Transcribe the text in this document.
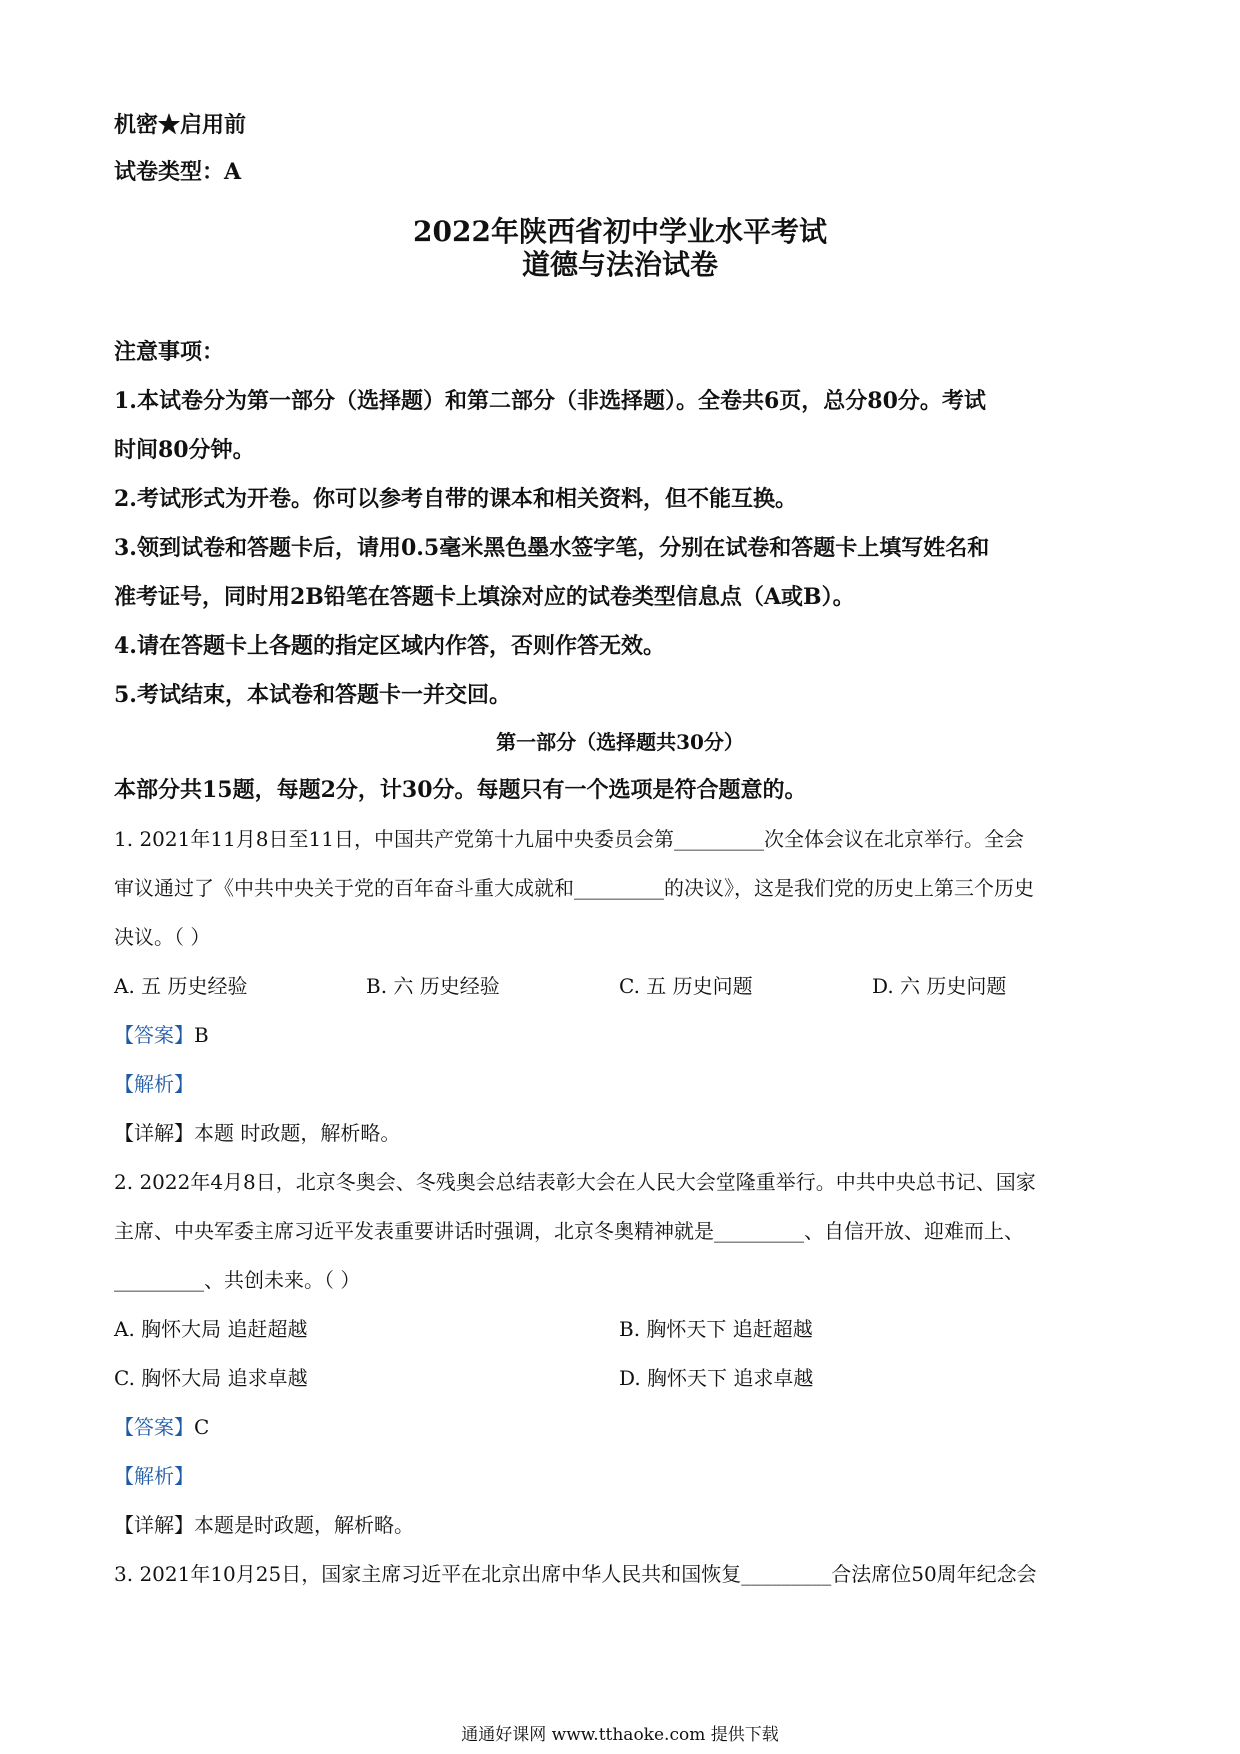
机密★启用前
试卷类型：A
2022年陕西省初中学业水平考试
道德与法治试卷
注意事项：
1.本试卷分为第一部分（选择题）和第二部分（非选择题）。全卷共6页，总分80分。考试
时间80分钟。
2.考试形式为开卷。你可以参考自带的课本和相关资料，但不能互换。
3.领到试卷和答题卡后，请用0.5毫米黑色墨水签字笔，分别在试卷和答题卡上填写姓名和
准考证号，同时用2B铅笔在答题卡上填涂对应的试卷类型信息点（A或B）。
4.请在答题卡上各题的指定区域内作答，否则作答无效。
5.考试结束，本试卷和答题卡一并交回。
第一部分（选择题共30分）
本部分共15题，每题2分，计30分。每题只有一个选项是符合题意的。
1. 2021年11月8日至11日，中国共产党第十九届中央委员会第_________次全体会议在北京举行。全会
审议通过了《中共中央关于党的百年奋斗重大成就和_________的决议》，这是我们党的历史上第三个历史
决议。（ ）
A. 五 历史经验	B. 六 历史经验	C. 五 历史问题	D. 六 历史问题
【答案】B
【解析】
【详解】本题 时政题，解析略。
2. 2022年4月8日，北京冬奥会、冬残奥会总结表彰大会在人民大会堂隆重举行。中共中央总书记、国家
主席、中央军委主席习近平发表重要讲话时强调，北京冬奥精神就是_________、自信开放、迎难而上、
_________、共创未来。（ ）
A. 胸怀大局 追赶超越	B. 胸怀天下 追赶超越
C. 胸怀大局 追求卓越	D. 胸怀天下 追求卓越
【答案】C
【解析】
【详解】本题是时政题，解析略。
3. 2021年10月25日，国家主席习近平在北京出席中华人民共和国恢复_________合法席位50周年纪念会
通通好课网 www.tthaoke.com 提供下载
